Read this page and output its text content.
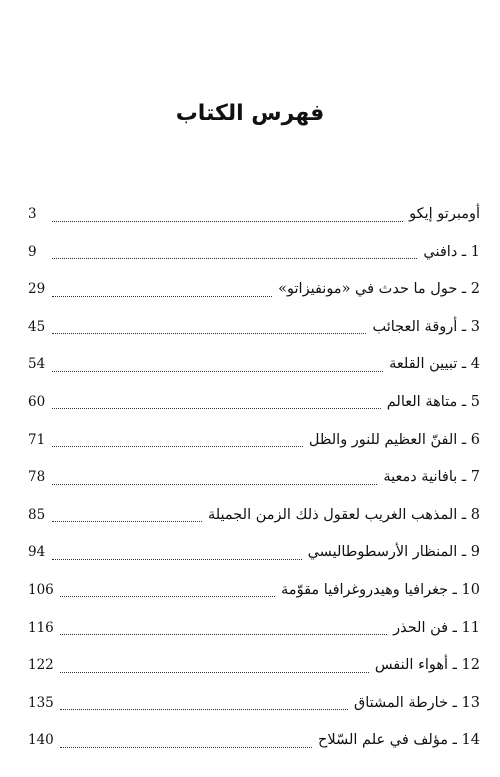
فهرس الكتاب
أومبرتو إيكو
3
1 ـ دافني
9
2 ـ حول ما حدث في «مونفيزاتو»
29
3 ـ أروقة العجائب
45
4 ـ تبيين القلعة
54
5 ـ متاهة العالم
60
6 ـ الفنّ العظيم للنور والظل
71
7 ـ بافانية دمعية
78
8 ـ المذهب الغريب لعقول ذلك الزمن الجميلة
85
9 ـ المنظار الأرسطوطاليسي
94
10 ـ جغرافيا وهيدروغرافيا مقوّمة
106
11 ـ فن الحذر
116
12 ـ أهواء النفس
122
13 ـ خارطة المشتاق
135
14 ـ مؤلف في علم السّلاح
140
